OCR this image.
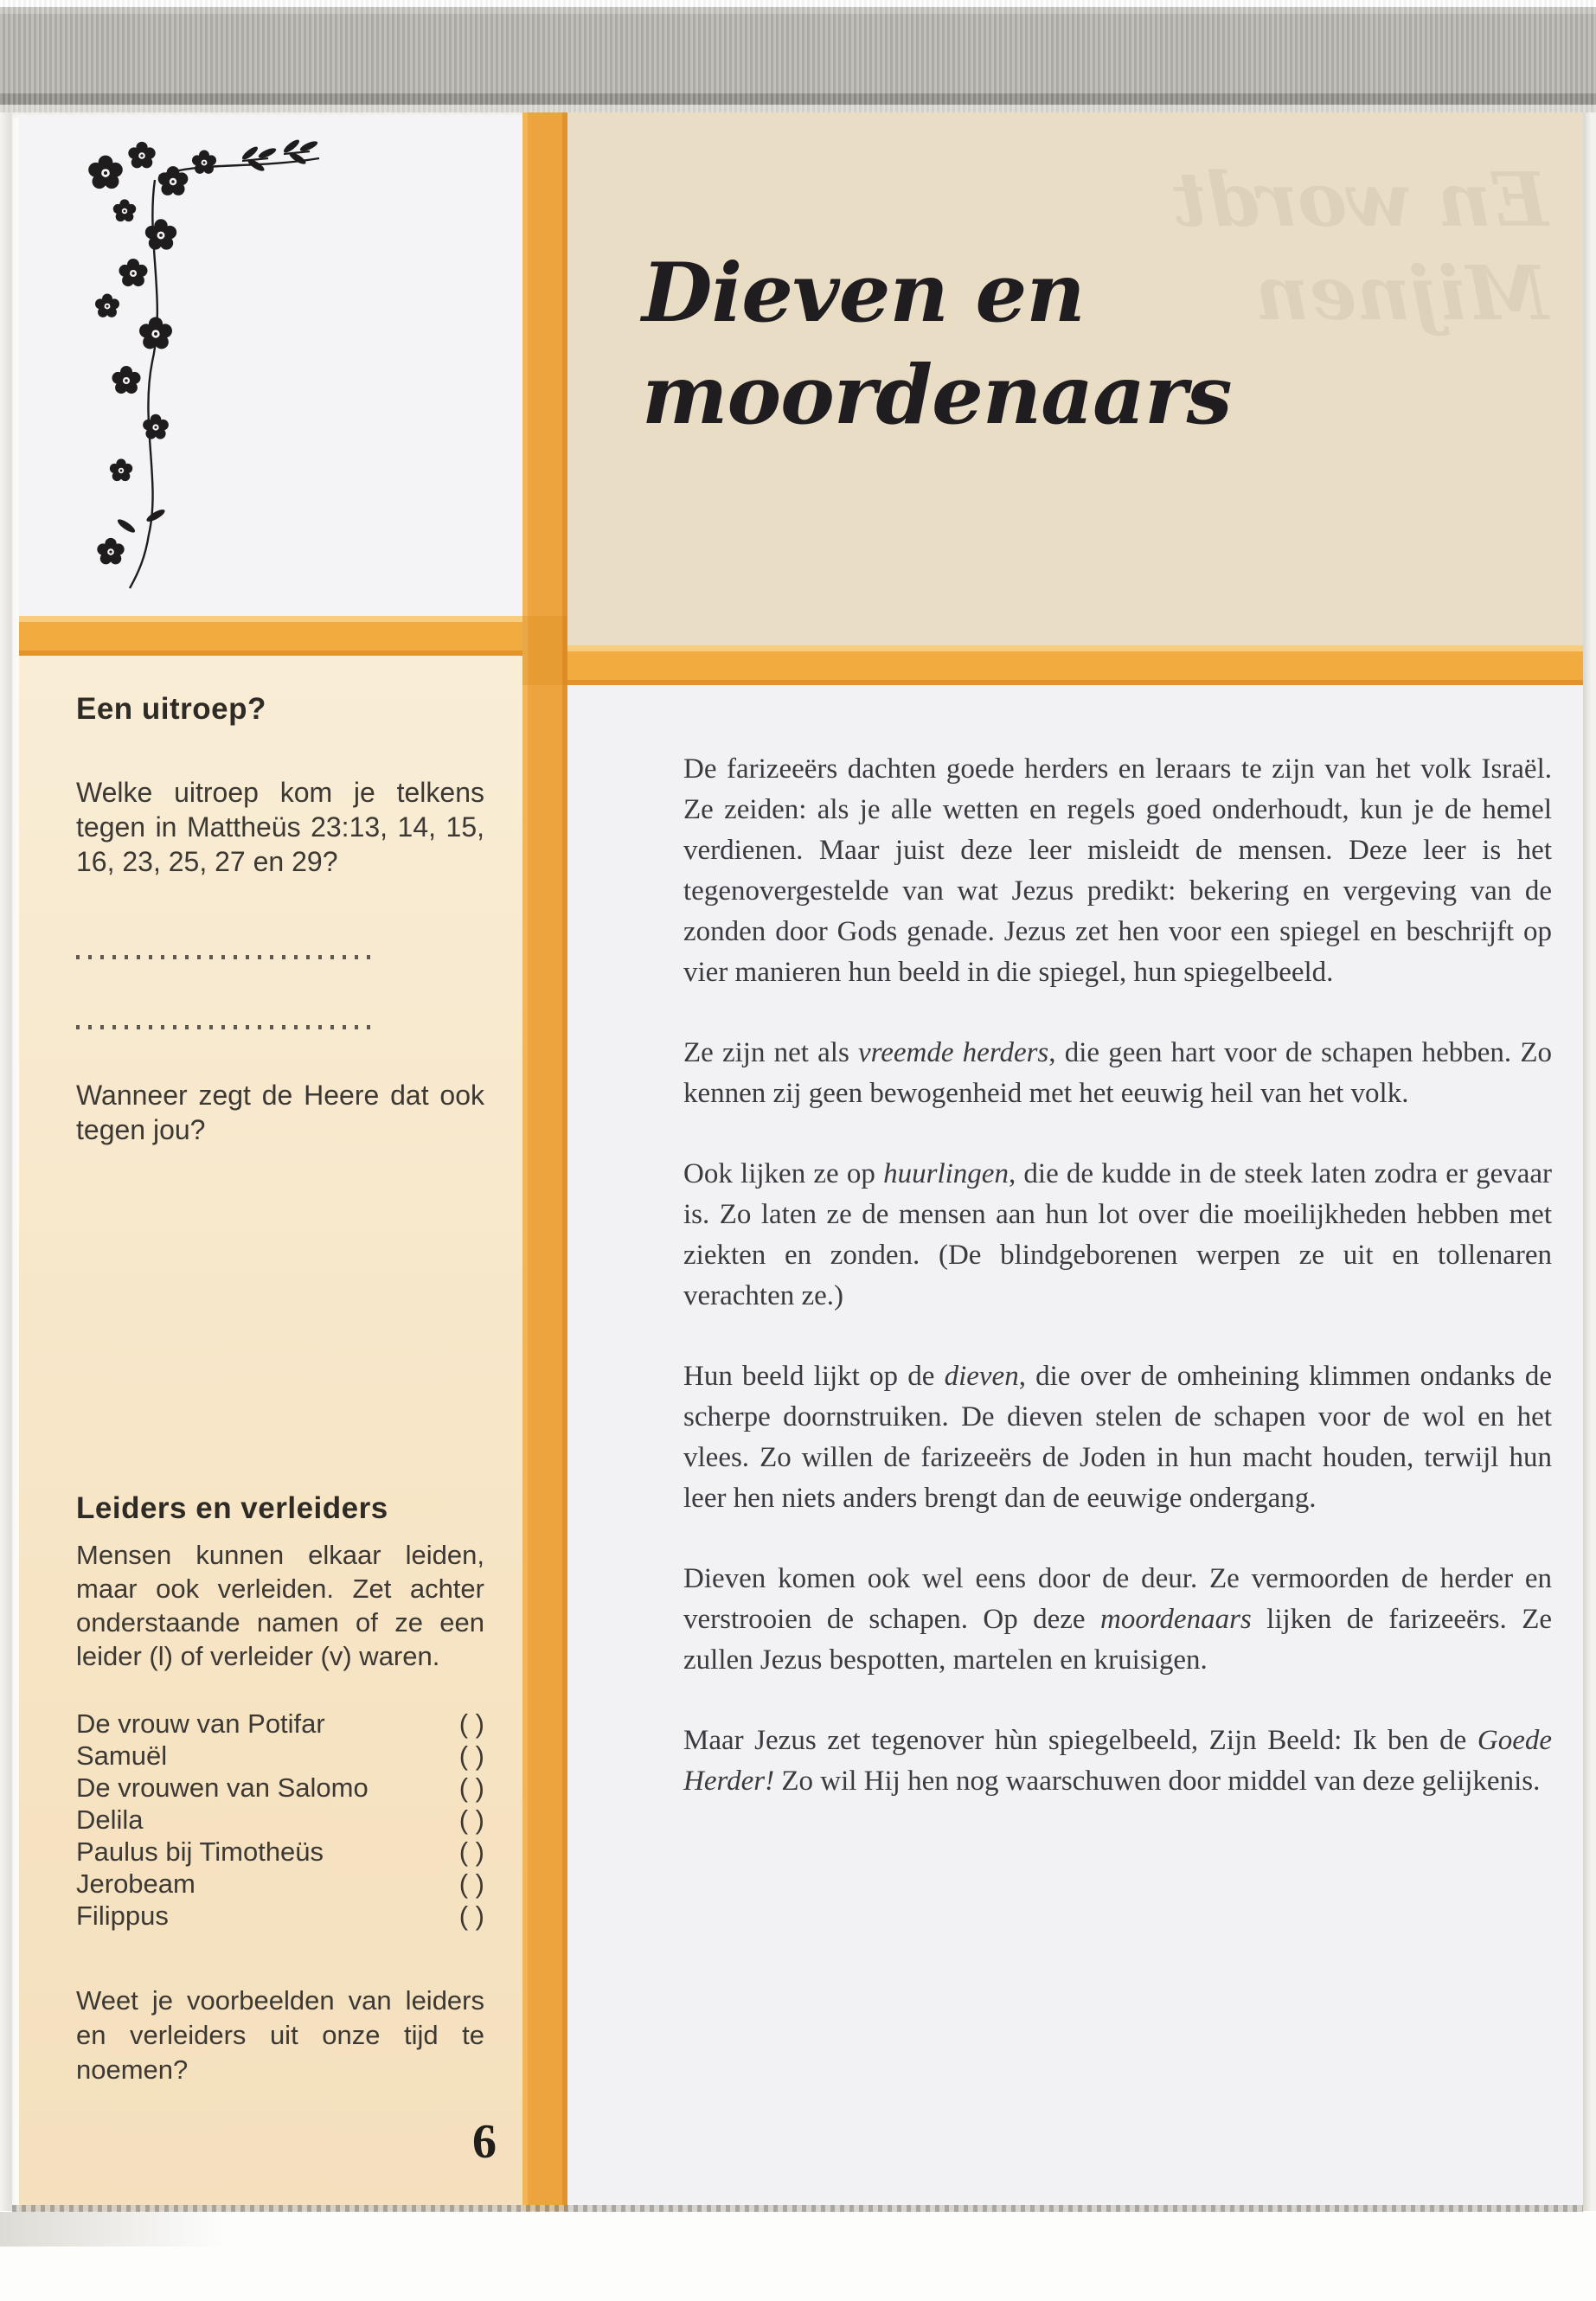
En wordt
Mijnen

Dieven en
moordenaars
Een uitroep?

Welke uitroep kom je telkens tegen in Mattheüs 23:13, 14, 15, 16, 23, 25, 27 en 29?

Wanneer zegt de Heere dat ook tegen jou?

Leiders en verleiders

Mensen kunnen elkaar leiden, maar ook verleiden. Zet achter onderstaande namen of ze een leider (l) of verleider (v) waren.

De vrouw van Potifar	( )
Samuël	( )
De vrouwen van Salomo	( )
Delila	( )
Paulus bij Timotheüs	( )
Jerobeam	( )
Filippus	( )

Weet je voorbeelden van leiders en verleiders uit onze tijd te noemen?

6

De farizeeërs dachten goede herders en leraars te zijn van het volk Israël. Ze zeiden: als je alle wetten en regels goed onderhoudt, kun je de hemel verdienen. Maar juist deze leer misleidt de mensen. Deze leer is het tegenovergestelde van wat Jezus predikt: bekering en vergeving van de zonden door Gods genade. Jezus zet hen voor een spiegel en beschrijft op vier manieren hun beeld in die spiegel, hun spiegelbeeld.

Ze zijn net als vreemde herders, die geen hart voor de schapen hebben. Zo kennen zij geen bewogenheid met het eeuwig heil van het volk.

Ook lijken ze op huurlingen, die de kudde in de steek laten zodra er gevaar is. Zo laten ze de mensen aan hun lot over die moeilijkheden hebben met ziekten en zonden. (De blindgeborenen werpen ze uit en tollenaren verachten ze.)

Hun beeld lijkt op de dieven, die over de omheining klimmen ondanks de scherpe doornstruiken. De dieven stelen de schapen voor de wol en het vlees. Zo willen de farizeeërs de Joden in hun macht houden, terwijl hun leer hen niets anders brengt dan de eeuwige ondergang.

Dieven komen ook wel eens door de deur. Ze vermoorden de herder en verstrooien de schapen. Op deze moordenaars lijken de farizeeërs. Ze zullen Jezus bespotten, martelen en kruisigen.

Maar Jezus zet tegenover hùn spiegelbeeld, Zijn Beeld: Ik ben de Goede Herder! Zo wil Hij hen nog waarschuwen door middel van deze gelijkenis.
